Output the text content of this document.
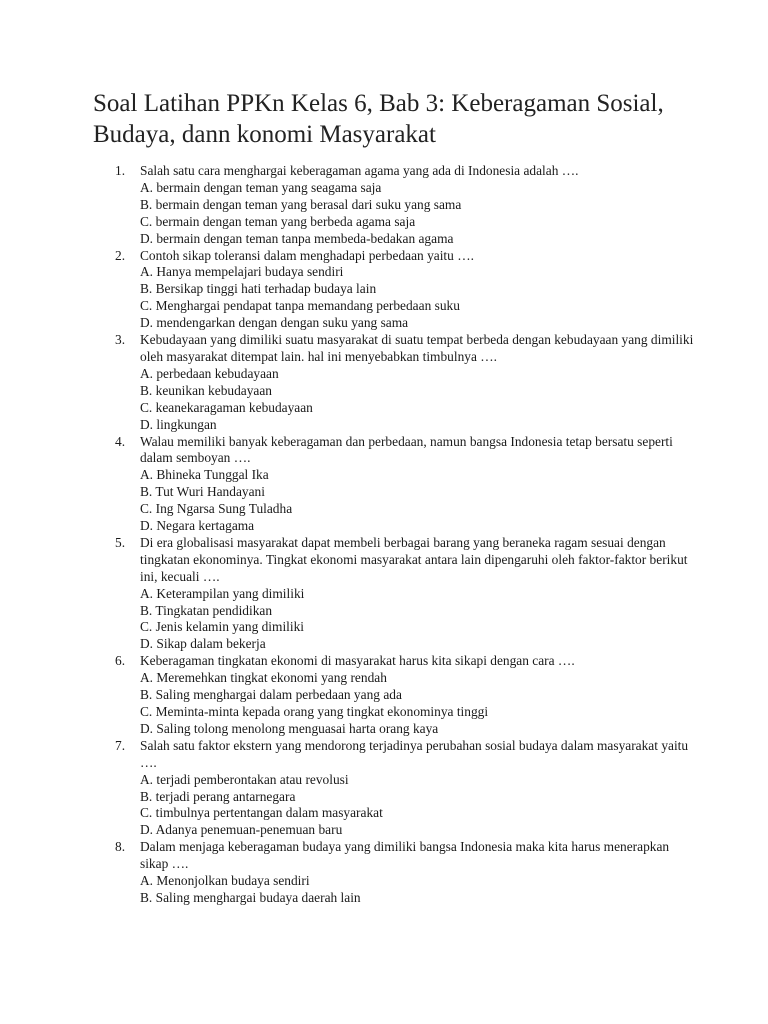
Soal Latihan PPKn Kelas 6, Bab 3: Keberagaman Sosial, Budaya, dann konomi Masyarakat
1. Salah satu cara menghargai keberagaman agama yang ada di Indonesia adalah ….
A. bermain dengan teman yang seagama saja
B. bermain dengan teman yang berasal dari suku yang sama
C. bermain dengan teman yang berbeda agama saja
D. bermain dengan teman tanpa membeda-bedakan agama
2. Contoh sikap toleransi dalam menghadapi perbedaan yaitu ….
A. Hanya mempelajari budaya sendiri
B. Bersikap tinggi hati terhadap budaya lain
C. Menghargai pendapat tanpa memandang perbedaan suku
D. mendengarkan dengan dengan suku yang sama
3. Kebudayaan yang dimiliki suatu masyarakat di suatu tempat berbeda dengan kebudayaan yang dimiliki oleh masyarakat ditempat lain. hal ini menyebabkan timbulnya ….
A. perbedaan kebudayaan
B. keunikan kebudayaan
C. keanekaragaman kebudayaan
D. lingkungan
4. Walau memiliki banyak keberagaman dan perbedaan, namun bangsa Indonesia tetap bersatu seperti dalam semboyan ….
A. Bhineka Tunggal Ika
B. Tut Wuri Handayani
C. Ing Ngarsa Sung Tuladha
D. Negara kertagama
5. Di era globalisasi masyarakat dapat membeli berbagai barang yang beraneka ragam sesuai dengan tingkatan ekonominya. Tingkat ekonomi masyarakat antara lain dipengaruhi oleh faktor-faktor berikut ini, kecuali ….
A. Keterampilan yang dimiliki
B. Tingkatan pendidikan
C. Jenis kelamin yang dimiliki
D. Sikap dalam bekerja
6. Keberagaman tingkatan ekonomi di masyarakat harus kita sikapi dengan cara ….
A. Meremehkan tingkat ekonomi yang rendah
B. Saling menghargai dalam perbedaan yang ada
C. Meminta-minta kepada orang yang tingkat ekonominya tinggi
D. Saling tolong menolong menguasai harta orang kaya
7. Salah satu faktor ekstern yang mendorong terjadinya perubahan sosial budaya dalam masyarakat yaitu ….
A. terjadi pemberontakan atau revolusi
B. terjadi perang antarnegara
C. timbulnya pertentangan dalam masyarakat
D. Adanya penemuan-penemuan baru
8. Dalam menjaga keberagaman budaya yang dimiliki bangsa Indonesia maka kita harus menerapkan sikap ….
A. Menonjolkan budaya sendiri
B. Saling menghargai budaya daerah lain
